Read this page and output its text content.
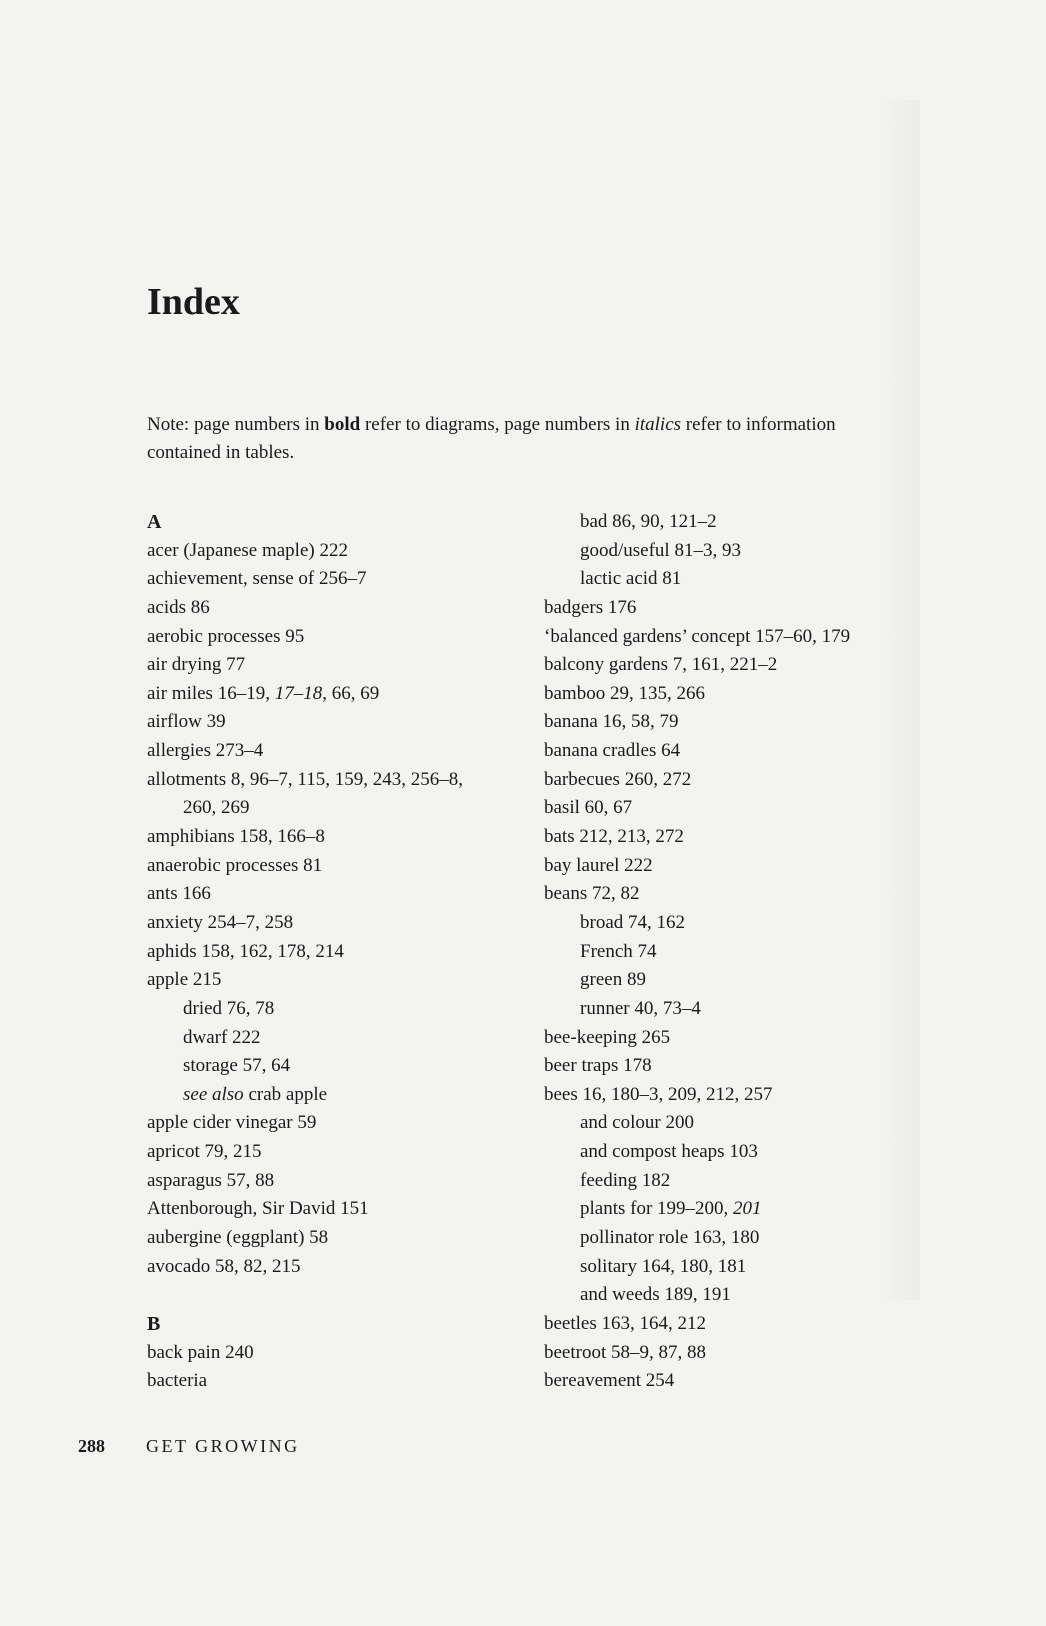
Index
Note: page numbers in bold refer to diagrams, page numbers in italics refer to information contained in tables.
A
acer (Japanese maple) 222
achievement, sense of 256–7
acids 86
aerobic processes 95
air drying 77
air miles 16–19, 17–18, 66, 69
airflow 39
allergies 273–4
allotments 8, 96–7, 115, 159, 243, 256–8,
260, 269
amphibians 158, 166–8
anaerobic processes 81
ants 166
anxiety 254–7, 258
aphids 158, 162, 178, 214
apple 215
dried 76, 78
dwarf 222
storage 57, 64
see also crab apple
apple cider vinegar 59
apricot 79, 215
asparagus 57, 88
Attenborough, Sir David 151
aubergine (eggplant) 58
avocado 58, 82, 215
B
back pain 240
bacteria
bad 86, 90, 121–2
good/useful 81–3, 93
lactic acid 81
badgers 176
‘balanced gardens’ concept 157–60, 179
balcony gardens 7, 161, 221–2
bamboo 29, 135, 266
banana 16, 58, 79
banana cradles 64
barbecues 260, 272
basil 60, 67
bats 212, 213, 272
bay laurel 222
beans 72, 82
broad 74, 162
French 74
green 89
runner 40, 73–4
bee-keeping 265
beer traps 178
bees 16, 180–3, 209, 212, 257
and colour 200
and compost heaps 103
feeding 182
plants for 199–200, 201
pollinator role 163, 180
solitary 164, 180, 181
and weeds 189, 191
beetles 163, 164, 212
beetroot 58–9, 87, 88
bereavement 254
288 GET GROWING
